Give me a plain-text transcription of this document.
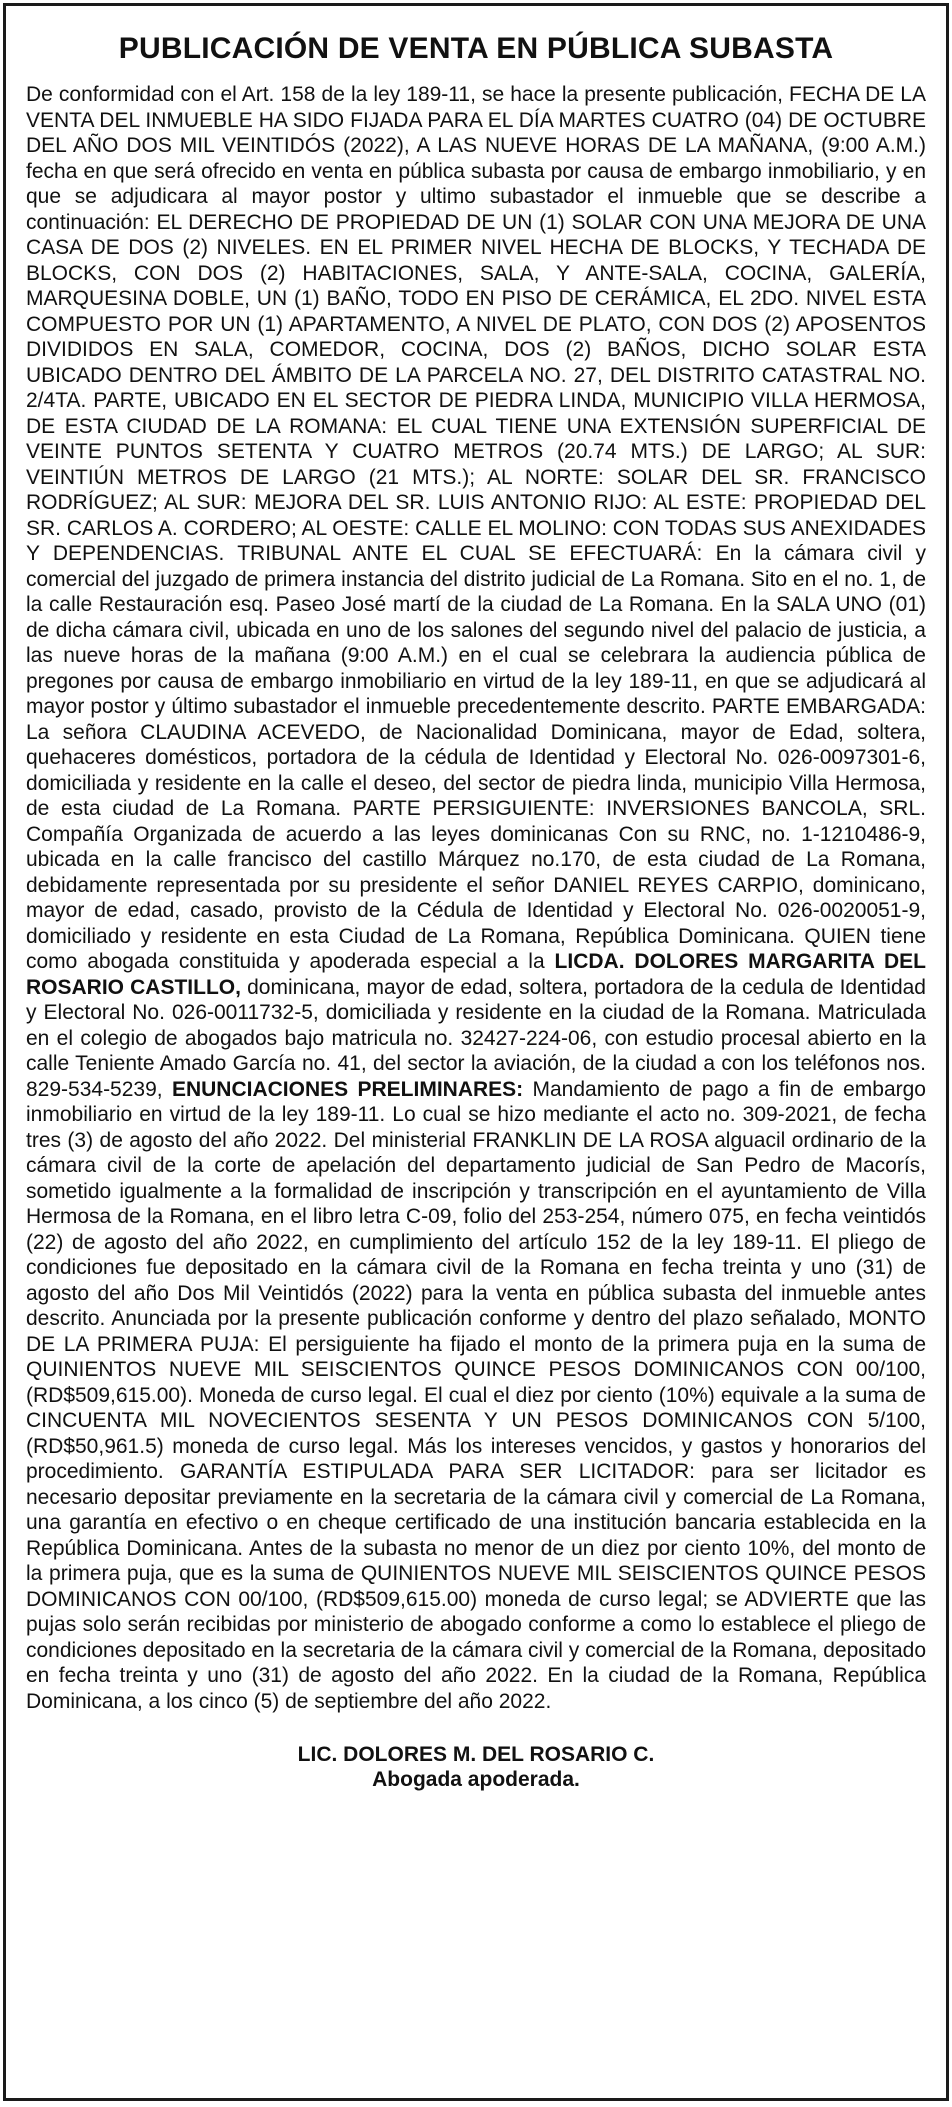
PUBLICACIÓN DE VENTA EN PÚBLICA SUBASTA

De conformidad con el Art. 158 de la ley 189-11, se hace la presente publicación, FECHA DE LA VENTA DEL INMUEBLE HA SIDO FIJADA PARA EL DÍA MARTES CUATRO (04) DE OCTUBRE DEL AÑO DOS MIL VEINTIDÓS (2022), A LAS NUEVE HORAS DE LA MAÑANA, (9:00 A.M.) fecha en que será ofrecido en venta en pública subasta por causa de embargo inmobiliario, y en que se adjudicara al mayor postor y ultimo subastador el inmueble que se describe a continuación: EL DERECHO DE PROPIEDAD DE UN (1) SOLAR CON UNA MEJORA DE UNA CASA DE DOS (2) NIVELES. EN EL PRIMER NIVEL HECHA DE BLOCKS, Y TECHADA DE BLOCKS, CON DOS (2) HABITACIONES, SALA, Y ANTE-SALA, COCINA, GALERÍA, MARQUESINA DOBLE, UN (1) BAÑO, TODO EN PISO DE CERÁMICA, EL 2DO. NIVEL ESTA COMPUESTO POR UN (1) APARTAMENTO, A NIVEL DE PLATO, CON DOS (2) APOSENTOS DIVIDIDOS EN SALA, COMEDOR, COCINA, DOS (2) BAÑOS, DICHO SOLAR ESTA UBICADO DENTRO DEL ÁMBITO DE LA PARCELA NO. 27, DEL DISTRITO CATASTRAL NO. 2/4TA. PARTE, UBICADO EN EL SECTOR DE PIEDRA LINDA, MUNICIPIO VILLA HERMOSA, DE ESTA CIUDAD DE LA ROMANA: EL CUAL TIENE UNA EXTENSIÓN SUPERFICIAL DE VEINTE PUNTOS SETENTA Y CUATRO METROS (20.74 MTS.) DE LARGO; AL SUR: VEINTIÚN METROS DE LARGO (21 MTS.); AL NORTE: SOLAR DEL SR. FRANCISCO RODRÍGUEZ; AL SUR: MEJORA DEL SR. LUIS ANTONIO RIJO: AL ESTE: PROPIEDAD DEL SR. CARLOS A. CORDERO; AL OESTE: CALLE EL MOLINO: CON TODAS SUS ANEXIDADES Y DEPENDENCIAS. TRIBUNAL ANTE EL CUAL SE EFECTUARÁ: En la cámara civil y comercial del juzgado de primera instancia del distrito judicial de La Romana. Sito en el no. 1, de la calle Restauración esq. Paseo José martí de la ciudad de La Romana. En la SALA UNO (01) de dicha cámara civil, ubicada en uno de los salones del segundo nivel del palacio de justicia, a las nueve horas de la mañana (9:00 A.M.) en el cual se celebrara la audiencia pública de pregones por causa de embargo inmobiliario en virtud de la ley 189-11, en que se adjudicará al mayor postor y último subastador el inmueble precedentemente descrito. PARTE EMBARGADA: La señora CLAUDINA ACEVEDO, de Nacionalidad Dominicana, mayor de Edad, soltera, quehaceres domésticos, portadora de la cédula de Identidad y Electoral No. 026-0097301-6, domiciliada y residente en la calle el deseo, del sector de piedra linda, municipio Villa Hermosa, de esta ciudad de La Romana. PARTE PERSIGUIENTE: INVERSIONES BANCOLA, SRL. Compañía Organizada de acuerdo a las leyes dominicanas Con su RNC, no. 1-1210486-9, ubicada en la calle francisco del castillo Márquez no.170, de esta ciudad de La Romana, debidamente representada por su presidente el señor DANIEL REYES CARPIO, dominicano, mayor de edad, casado, provisto de la Cédula de Identidad y Electoral No. 026-0020051-9, domiciliado y residente en esta Ciudad de La Romana, República Dominicana. QUIEN tiene como abogada constituida y apoderada especial a la LICDA. DOLORES MARGARITA DEL ROSARIO CASTILLO, dominicana, mayor de edad, soltera, portadora de la cedula de Identidad y Electoral No. 026-0011732-5, domiciliada y residente en la ciudad de la Romana. Matriculada en el colegio de abogados bajo matricula no. 32427-224-06, con estudio procesal abierto en la calle Teniente Amado García no. 41, del sector la aviación, de la ciudad a con los teléfonos nos. 829-534-5239, ENUNCIACIONES PRELIMINARES: Mandamiento de pago a fin de embargo inmobiliario en virtud de la ley 189-11. Lo cual se hizo mediante el acto no. 309-2021, de fecha tres (3) de agosto del año 2022. Del ministerial FRANKLIN DE LA ROSA alguacil ordinario de la cámara civil de la corte de apelación del departamento judicial de San Pedro de Macorís, sometido igualmente a la formalidad de inscripción y transcripción en el ayuntamiento de Villa Hermosa de la Romana, en el libro letra C-09, folio del 253-254, número 075, en fecha veintidós (22) de agosto del año 2022, en cumplimiento del artículo 152 de la ley 189-11. El pliego de condiciones fue depositado en la cámara civil de la Romana en fecha treinta y uno (31) de agosto del año Dos Mil Veintidós (2022) para la venta en pública subasta del inmueble antes descrito. Anunciada por la presente publicación conforme y dentro del plazo señalado, MONTO DE LA PRIMERA PUJA: El persiguiente ha fijado el monto de la primera puja en la suma de QUINIENTOS NUEVE MIL SEISCIENTOS QUINCE PESOS DOMINICANOS CON 00/100, (RD$509,615.00). Moneda de curso legal. El cual el diez por ciento (10%) equivale a la suma de CINCUENTA MIL NOVECIENTOS SESENTA Y UN PESOS DOMINICANOS CON 5/100, (RD$50,961.5) moneda de curso legal. Más los intereses vencidos, y gastos y honorarios del procedimiento. GARANTÍA ESTIPULADA PARA SER LICITADOR: para ser licitador es necesario depositar previamente en la secretaria de la cámara civil y comercial de La Romana, una garantía en efectivo o en cheque certificado de una institución bancaria establecida en la República Dominicana. Antes de la subasta no menor de un diez por ciento 10%, del monto de la primera puja, que es la suma de QUINIENTOS NUEVE MIL SEISCIENTOS QUINCE PESOS DOMINICANOS CON 00/100, (RD$509,615.00) moneda de curso legal; se ADVIERTE que las pujas solo serán recibidas por ministerio de abogado conforme a como lo establece el pliego de condiciones depositado en la secretaria de la cámara civil y comercial de la Romana, depositado en fecha treinta y uno (31) de agosto del año 2022. En la ciudad de la Romana, República Dominicana, a los cinco (5) de septiembre del año 2022.

LIC. DOLORES M. DEL ROSARIO C.
Abogada apoderada.
